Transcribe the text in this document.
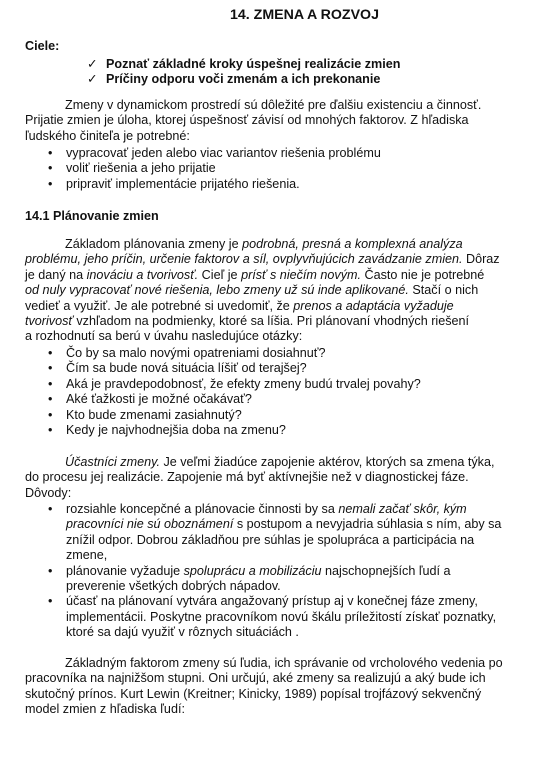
14. ZMENA A ROZVOJ
Ciele:
✓ Poznať základné kroky úspešnej realizácie zmien
✓ Príčiny odporu voči zmenám a ich prekonanie
Zmeny v dynamickom prostredí sú dôležité pre ďalšiu existenciu a činnosť.
Prijatie zmien je úloha, ktorej úspešnosť závisí od mnohých faktorov. Z hľadiska
ľudského činiteľa je potrebné:
• vypracovať jeden alebo viac variantov riešenia problému
• voliť riešenia a jeho prijatie
• pripraviť implementácie prijatého riešenia.
14.1 Plánovanie zmien
Základom plánovania zmeny je podrobná, presná a komplexná analýza
problému, jeho príčin, určenie faktorov a síl, ovplyvňujúcich zavádzanie zmien. Dôraz
je daný na inováciu a tvorivosť. Cieľ je prísť s niečím novým. Často nie je potrebné
od nuly vypracovať nové riešenia, lebo zmeny už sú inde aplikované. Stačí o nich
vedieť a využiť. Je ale potrebné si uvedomiť, že prenos a adaptácia vyžaduje
tvorivosť vzhľadom na podmienky, ktoré sa líšia. Pri plánovaní vhodných riešení
a rozhodnutí sa berú v úvahu nasledujúce otázky:
• Čo by sa malo novými opatreniami dosiahnuť?
• Čím sa bude nová situácia líšiť od terajšej?
• Aká je pravdepodobnosť, že efekty zmeny budú trvalej povahy?
• Aké ťažkosti je možné očakávať?
• Kto bude zmenami zasiahnutý?
• Kedy je najvhodnejšia doba na zmenu?
Účastníci zmeny. Je veľmi žiadúce zapojenie aktérov, ktorých sa zmena týka,
do procesu jej realizácie. Zapojenie má byť aktívnejšie než v diagnostickej fáze.
Dôvody:
• rozsiahle koncepčné a plánovacie činnosti by sa nemali začať skôr, kým
pracovníci nie sú oboznámení s postupom a nevyjadria súhlasia s ním, aby sa
znížil odpor. Dobrou základňou pre súhlas je spolupráca a participácia na
zmene,
• plánovanie vyžaduje spoluprácu a mobilizáciu najschopnejších ľudí a
preverenie všetkých dobrých nápadov.
• účasť na plánovaní vytvára angažovaný prístup aj v konečnej fáze zmeny,
implementácii. Poskytne pracovníkom novú škálu príležitostí získať poznatky,
ktoré sa dajú využiť v rôznych situáciách .
Základným faktorom zmeny sú ľudia, ich správanie od vrcholového vedenia po
pracovníka na najnižšom stupni. Oni určujú, aké zmeny sa realizujú a aký bude ich
skutočný prínos. Kurt Lewin (Kreitner; Kinicky, 1989) popísal trojfázový sekvenčný
model zmien z hľadiska ľudí:
